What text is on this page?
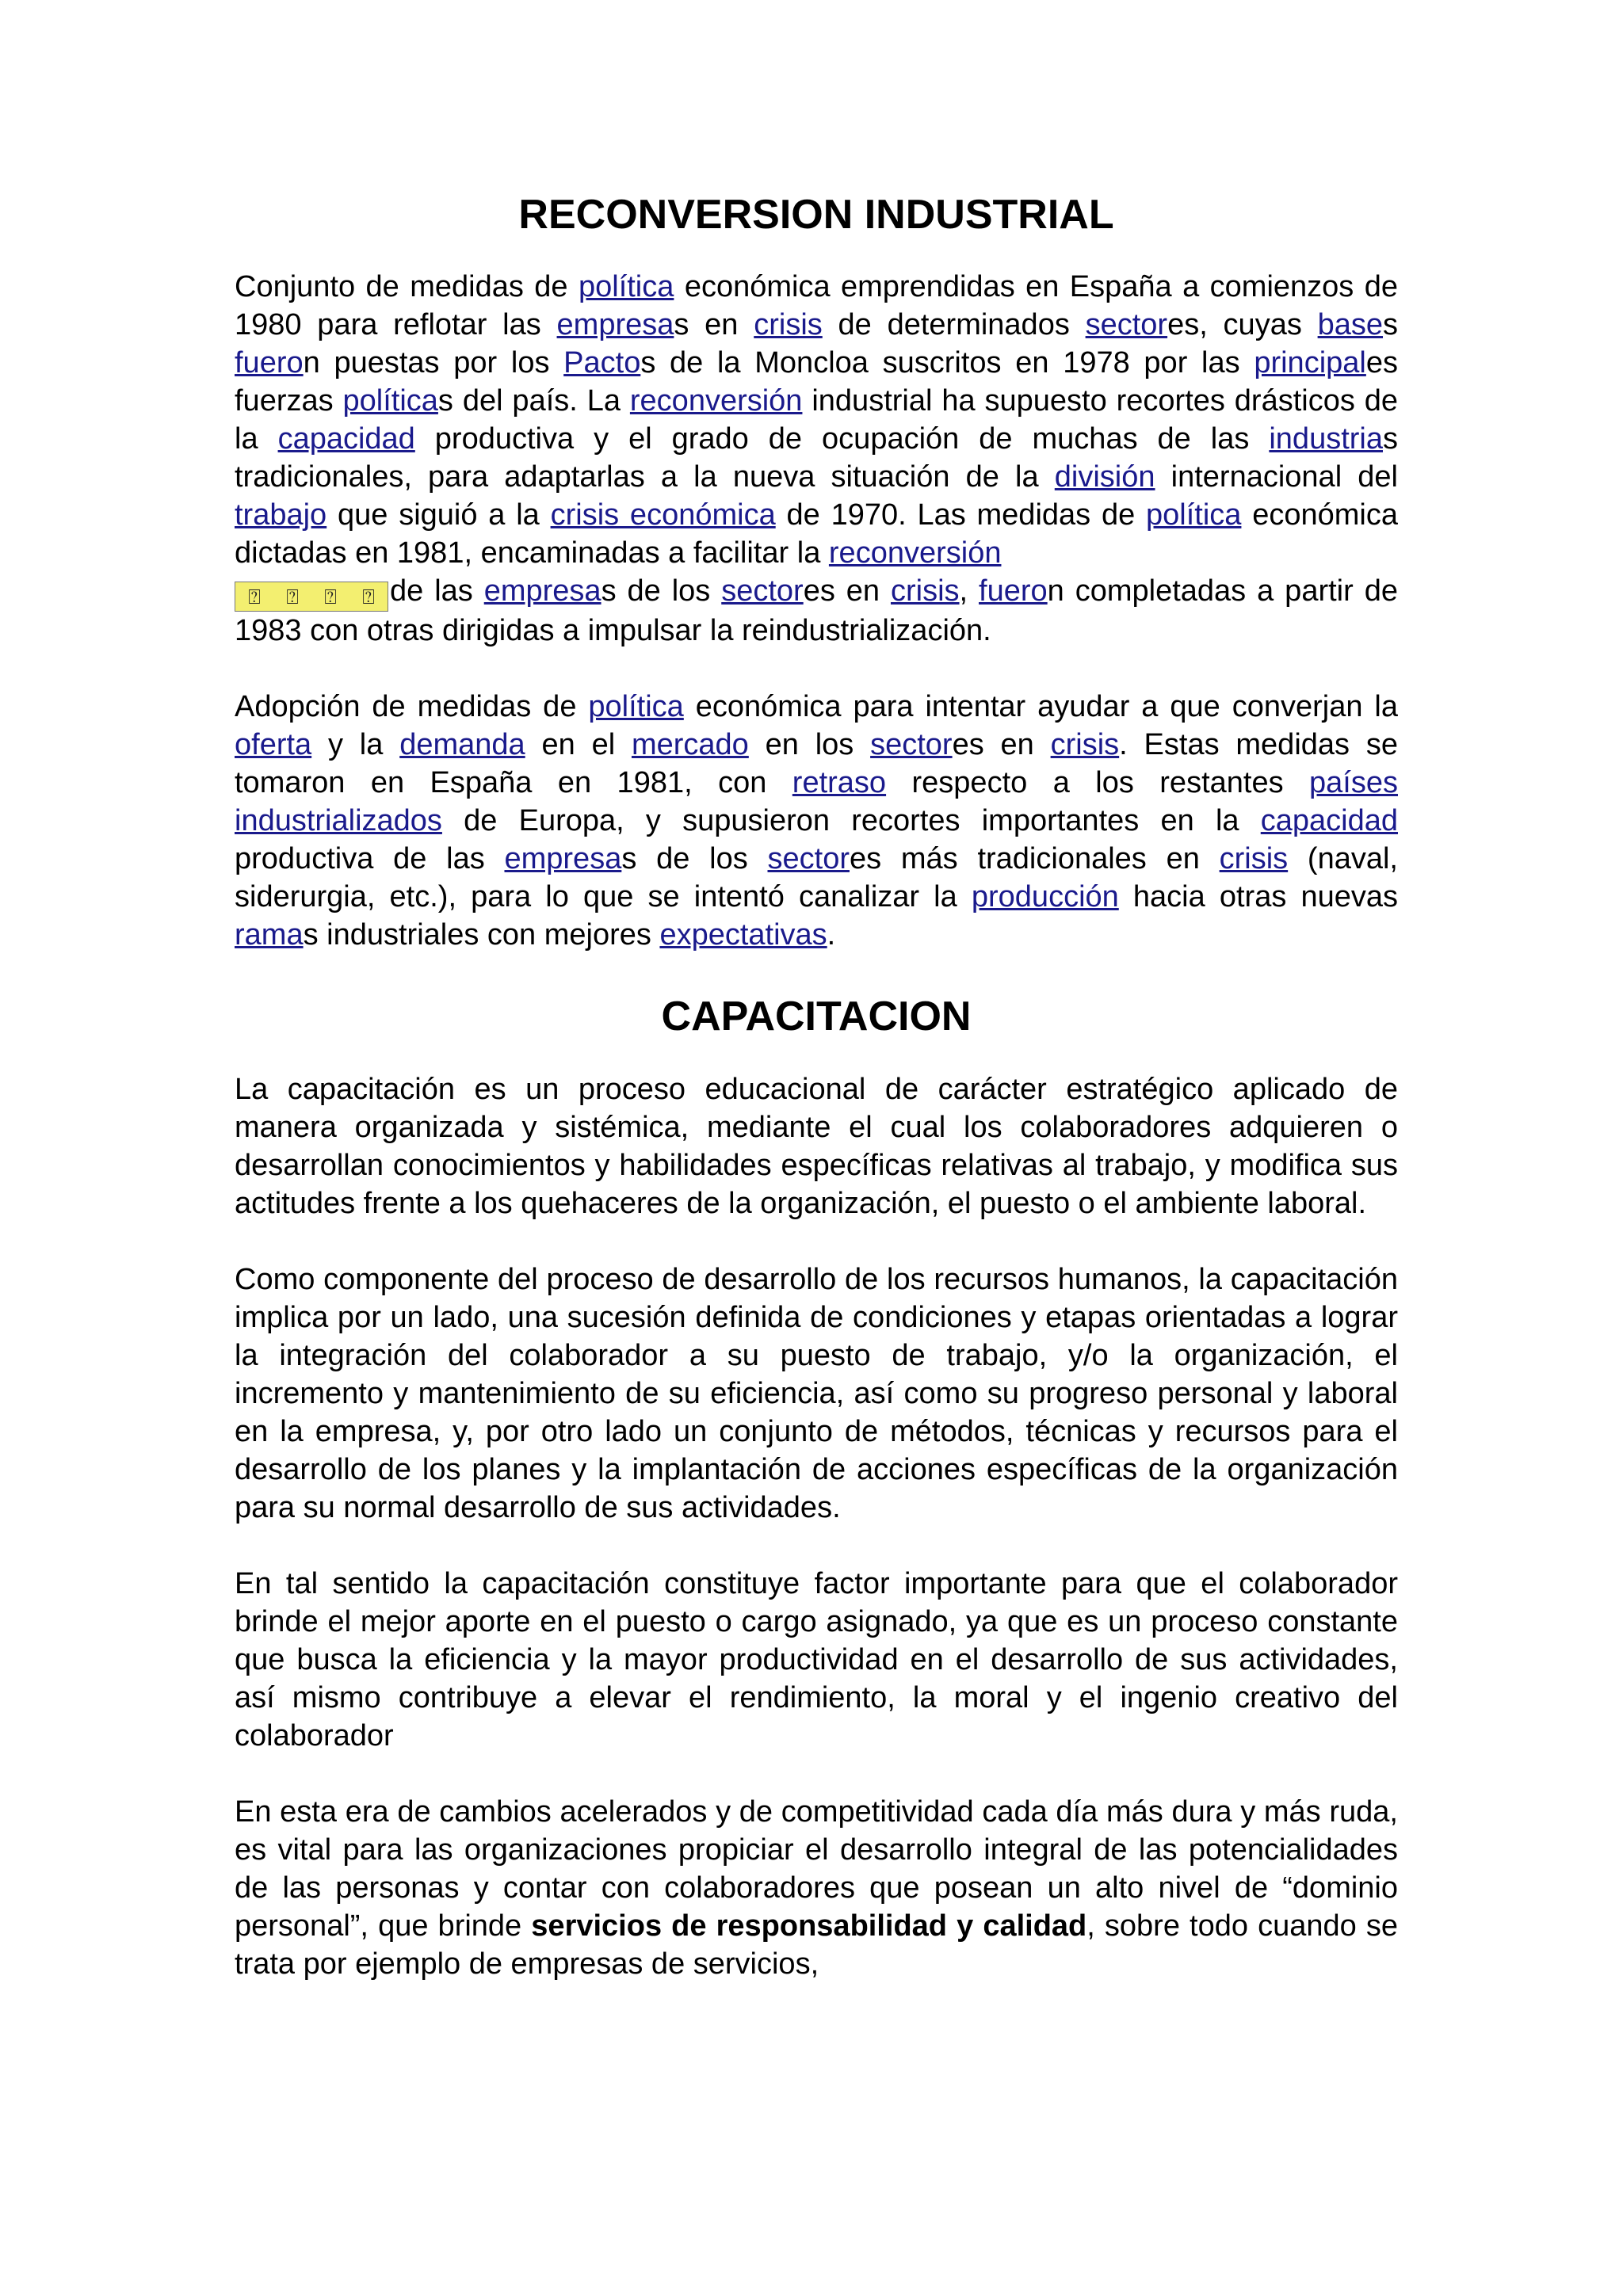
RECONVERSION INDUSTRIAL

Conjunto de medidas de política económica emprendidas en España a comienzos de 1980 para reflotar las empresas en crisis de determinados sectores, cuyas bases fueron puestas por los Pactos de la Moncloa suscritos en 1978 por las principales fuerzas políticas del país. La reconversión industrial ha supuesto recortes drásticos de la capacidad productiva y el grado de ocupación de muchas de las industrias tradicionales, para adaptarlas a la nueva situación de la división internacional del trabajo que siguió a la crisis económica de 1970. Las medidas de política económica dictadas en 1981, encaminadas a facilitar la reconversión

⍰	⍰	⍰	⍰ de las empresas de los sectores en crisis, fueron completadas a partir de 1983 con otras dirigidas a impulsar la reindustrialización.

Adopción de medidas de política económica para intentar ayudar a que converjan la oferta y la demanda en el mercado en los sectores en crisis. Estas medidas se tomaron en España en 1981, con retraso respecto a los restantes países industrializados de Europa, y supusieron recortes importantes en la capacidad productiva de las empresas de los sectores más tradicionales en crisis (naval, siderurgia, etc.), para lo que se intentó canalizar la producción hacia otras nuevas ramas industriales con mejores expectativas.

CAPACITACION

La capacitación es un proceso educacional de carácter estratégico aplicado de manera organizada y sistémica, mediante el cual los colaboradores adquieren o desarrollan conocimientos y habilidades específicas relativas al trabajo, y modifica sus actitudes frente a los quehaceres de la organización, el puesto o el ambiente laboral.

Como componente del proceso de desarrollo de los recursos humanos, la capacitación implica por un lado, una sucesión definida de condiciones y etapas orientadas a lograr la integración del colaborador a su puesto de trabajo, y/o la organización, el incremento y mantenimiento de su eficiencia, así como su progreso personal y laboral en la empresa, y, por otro lado un conjunto de métodos, técnicas y recursos para el desarrollo de los planes y la implantación de acciones específicas de la organización para su normal desarrollo de sus actividades.

En tal sentido la capacitación constituye factor importante para que el colaborador brinde el mejor aporte en el puesto o cargo asignado, ya que es un proceso constante que busca la eficiencia y la mayor productividad en el desarrollo de sus actividades, así mismo contribuye a elevar el rendimiento, la moral y el ingenio creativo del colaborador

En esta era de cambios acelerados y de competitividad cada día más dura y más ruda, es vital para las organizaciones propiciar el desarrollo integral de las potencialidades de las personas y contar con colaboradores que posean un alto nivel de “dominio personal”, que brinde servicios de responsabilidad y calidad, sobre todo cuando se trata por ejemplo de empresas de servicios,
